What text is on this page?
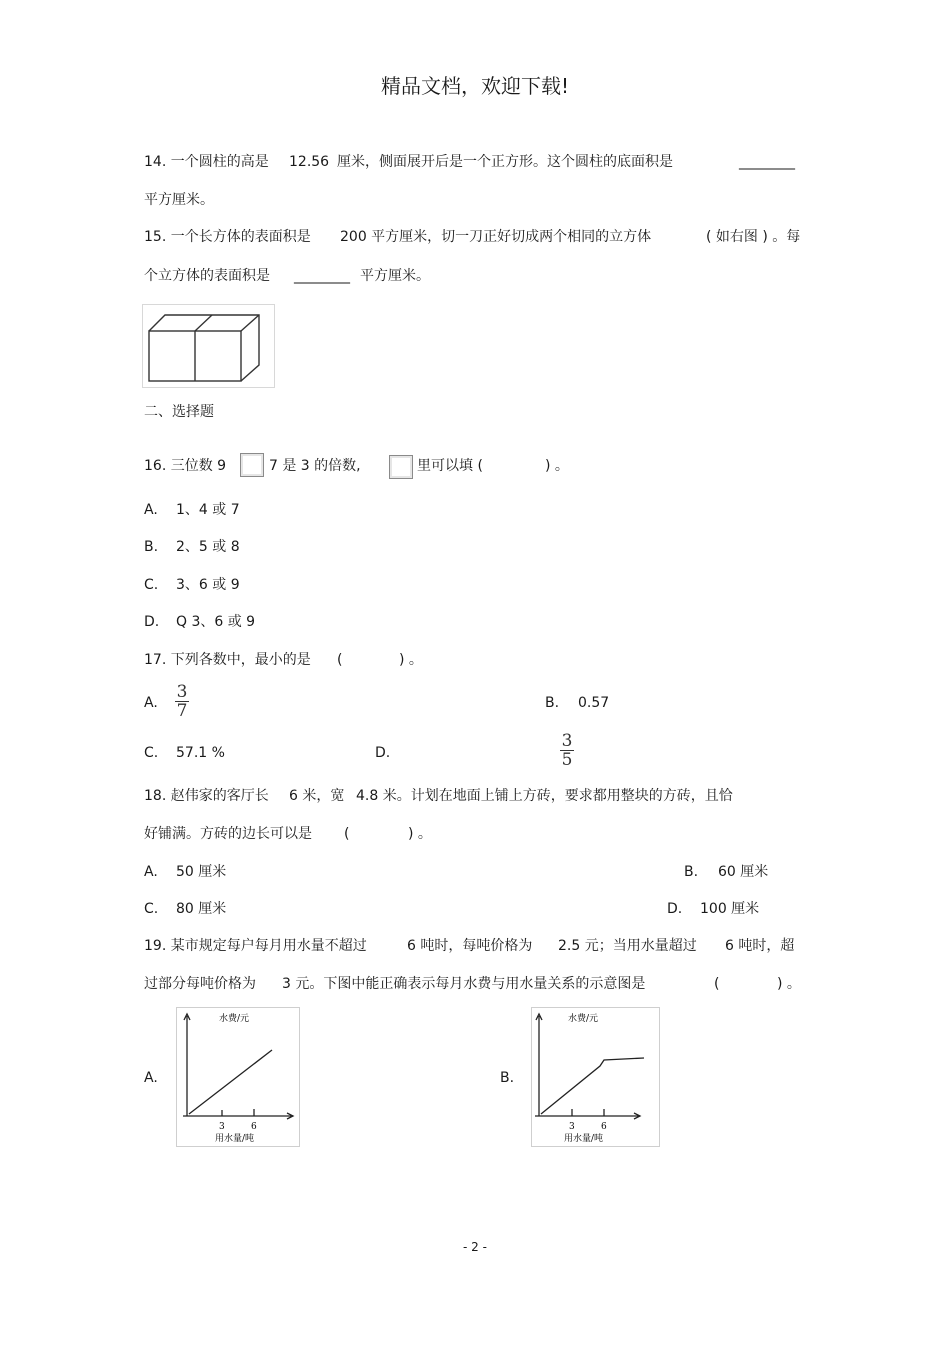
精品文档，欢迎下载!
14. 一个圆柱的高是 12.56 厘米，侧面展开后是一个正方形。这个圆柱的底面积是	________
平方厘米。
15. 一个长方体的表面积是 200 平方厘米，切一刀正好切成两个相同的立方体	( 如右图 ) 。每
个立方体的表面积是 ________ 平方厘米。
二、选择题
16. 三位数 9	7 是 3 的倍数,	里可以填 (	) 。
A. 1、4 或 7
B. 2、5 或 8
C. 3、6 或 9
D. Q 3、6 或 9
17. 下列各数中，最小的是 (	) 。
A.
3
7	B. 0.57
C. 57.1 %	D.
3
5
18. 赵伟家的客厅长 6 米，宽 4.8 米。计划在地面上铺上方砖，要求都用整块的方砖，且恰
好铺满。方砖的边长可以是 (	) 。
A. 50 厘米	B. 60 厘米
C. 80 厘米	D. 100 厘米
19. 某市规定每户每月用水量不超过	6 吨时，每吨价格为 2.5 元；当用水量超过 6 吨时，超
过部分每吨价格为 3 元。下图中能正确表示每月水费与用水量关系的示意图是	(	) 。
A.
水费/元
3	6
用水量/吨
B.
水费/元
3	6
用水量/吨
- 2 -
